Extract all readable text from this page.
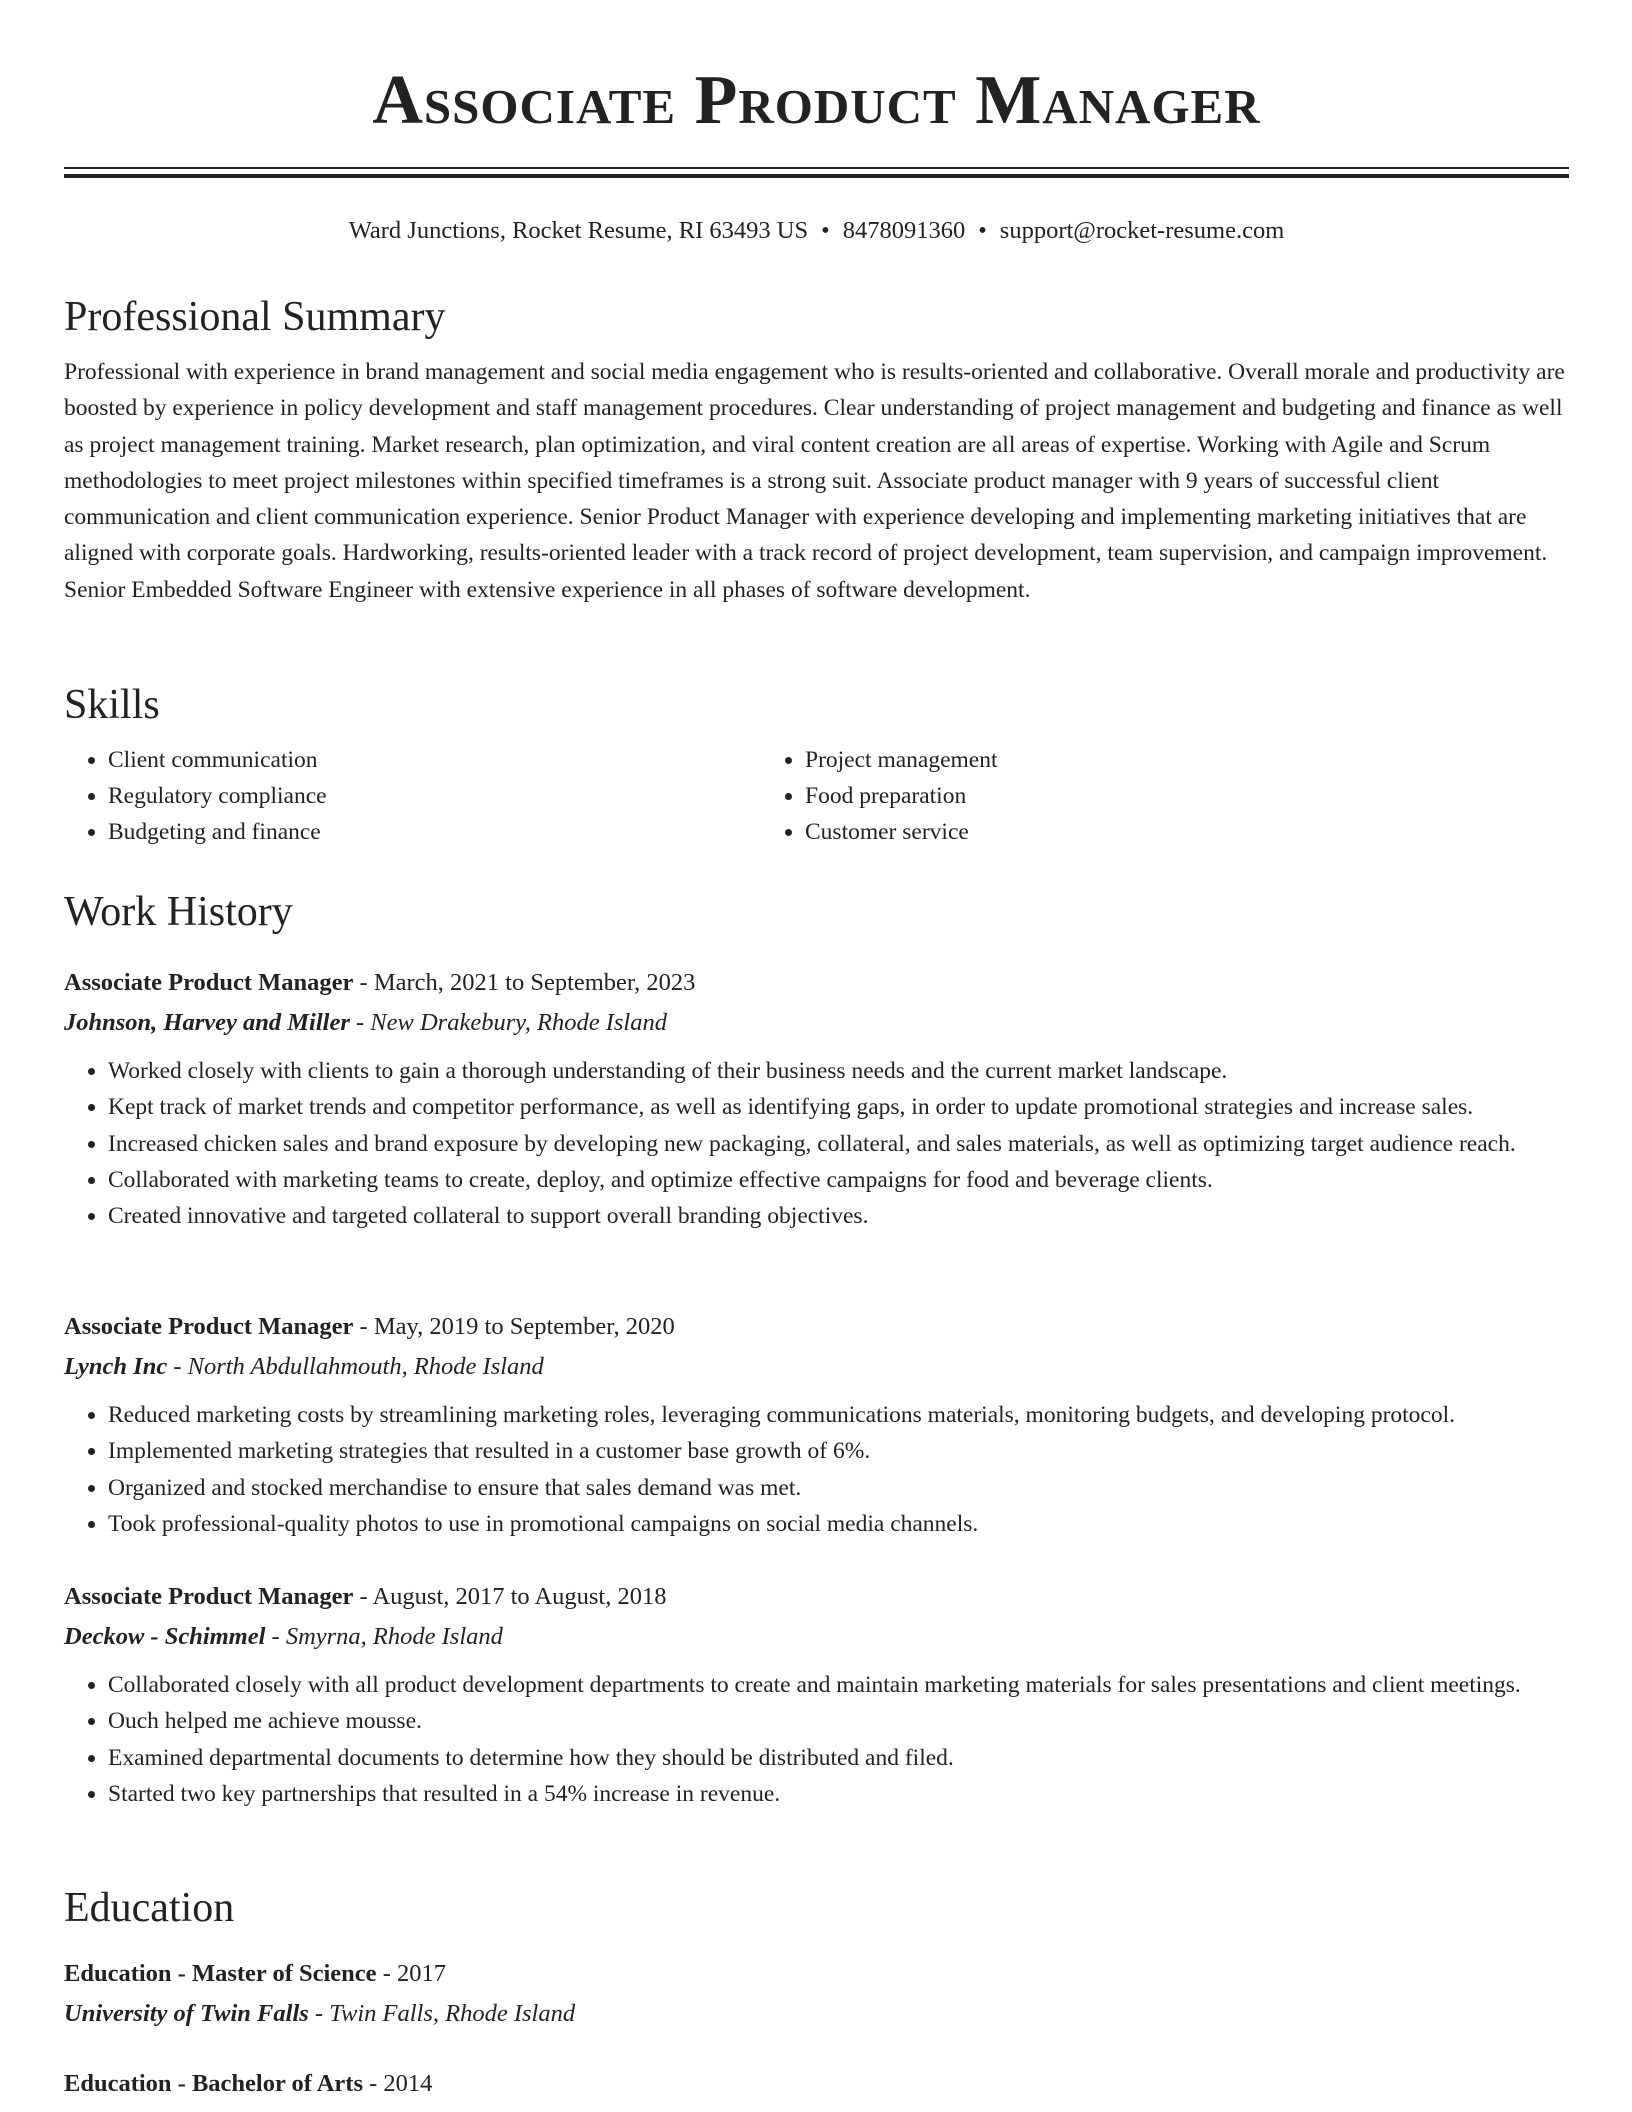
Associate Product Manager
Ward Junctions, Rocket Resume, RI 63493 US • 8478091360 • support@rocket-resume.com
Professional Summary

Professional with experience in brand management and social media engagement who is results-oriented and collaborative. Overall morale and productivity are boosted by experience in policy development and staff management procedures. Clear understanding of project management and budgeting and finance as well as project management training. Market research, plan optimization, and viral content creation are all areas of expertise. Working with Agile and Scrum methodologies to meet project milestones within specified timeframes is a strong suit. Associate product manager with 9 years of successful client communication and client communication experience. Senior Product Manager with experience developing and implementing marketing initiatives that are aligned with corporate goals. Hardworking, results-oriented leader with a track record of project development, team supervision, and campaign improvement. Senior Embedded Software Engineer with extensive experience in all phases of software development.

Skills
• Client communication
• Regulatory compliance
• Budgeting and finance
• Project management
• Food preparation
• Customer service
Work History
Associate Product Manager - March, 2021 to September, 2023
Johnson, Harvey and Miller - New Drakebury, Rhode Island
• Worked closely with clients to gain a thorough understanding of their business needs and the current market landscape.
• Kept track of market trends and competitor performance, as well as identifying gaps, in order to update promotional strategies and increase sales.
• Increased chicken sales and brand exposure by developing new packaging, collateral, and sales materials, as well as optimizing target audience reach.
• Collaborated with marketing teams to create, deploy, and optimize effective campaigns for food and beverage clients.
• Created innovative and targeted collateral to support overall branding objectives.
Associate Product Manager - May, 2019 to September, 2020
Lynch Inc - North Abdullahmouth, Rhode Island
• Reduced marketing costs by streamlining marketing roles, leveraging communications materials, monitoring budgets, and developing protocol.
• Implemented marketing strategies that resulted in a customer base growth of 6%.
• Organized and stocked merchandise to ensure that sales demand was met.
• Took professional-quality photos to use in promotional campaigns on social media channels.
Associate Product Manager - August, 2017 to August, 2018
Deckow - Schimmel - Smyrna, Rhode Island
• Collaborated closely with all product development departments to create and maintain marketing materials for sales presentations and client meetings.
• Ouch helped me achieve mousse.
• Examined departmental documents to determine how they should be distributed and filed.
• Started two key partnerships that resulted in a 54% increase in revenue.
Education
Education - Master of Science - 2017
University of Twin Falls - Twin Falls, Rhode Island
Education - Bachelor of Arts - 2014
